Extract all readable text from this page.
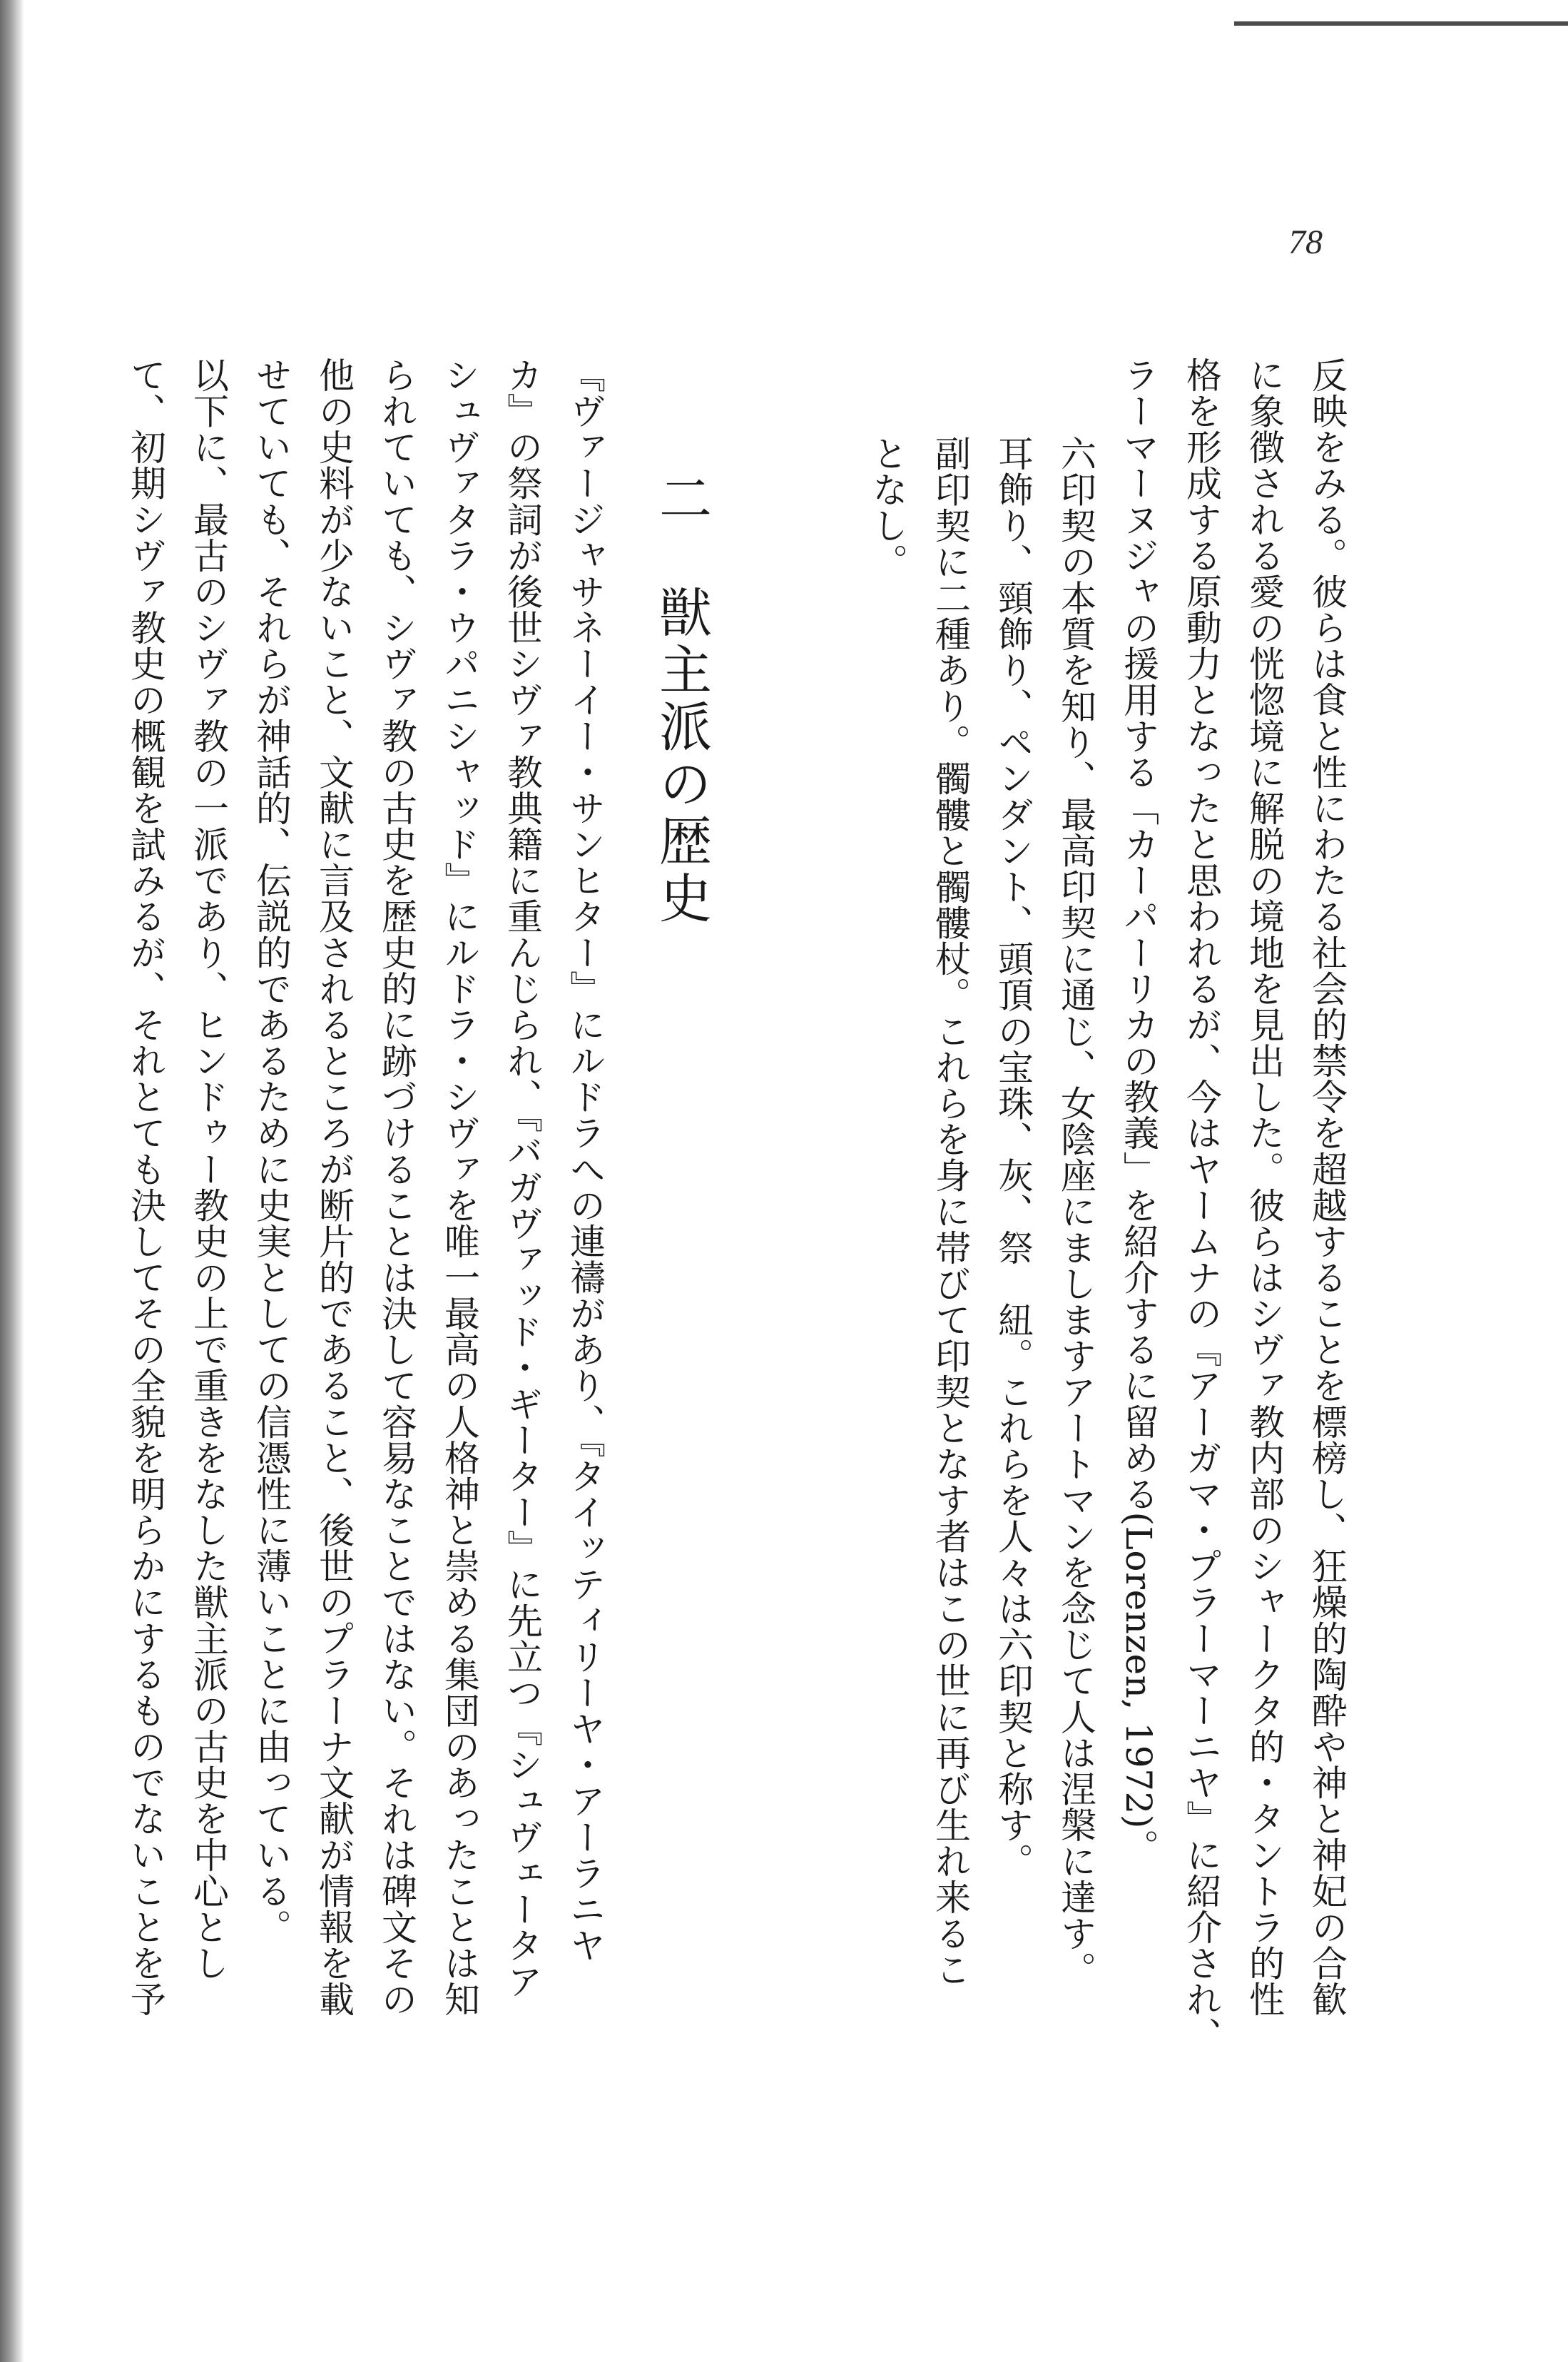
78
反映をみる。彼らは食と性にわたる社会的禁令を超越することを標榜し、狂燥的陶酔や神と神妃の合歓
に象徴される愛の恍惚境に解脱の境地を見出した。彼らはシヴァ教内部のシャークタ的・タントラ的性
格を形成する原動力となったと思われるが、今はヤームナの『アーガマ・プラーマーニヤ』に紹介され、
ラーマーヌジャの援用する「カーパーリカの教義」を紹介するに留める(Lorenzen, 1972)。
六印契の本質を知り、最高印契に通じ、女陰座にましますアートマンを念じて人は涅槃に達す。
耳飾り、頸飾り、ペンダント、頭頂の宝珠、灰、祭　紐。これらを人々は六印契と称す。
副印契に二種あり。髑髏と髑髏杖。これらを身に帯びて印契となす者はこの世に再び生れ来るこ
となし。
二　獣主派の歴史
『ヴァージャサネーイー・サンヒター』にルドラへの連禱があり、『タイッティリーヤ・アーラニヤ
カ』の祭詞が後世シヴァ教典籍に重んじられ、『バガヴァッド・ギーター』に先立つ『シュヴェータア
シュヴァタラ・ウパニシャッド』にルドラ・シヴァを唯一最高の人格神と崇める集団のあったことは知
られていても、シヴァ教の古史を歴史的に跡づけることは決して容易なことではない。それは碑文その
他の史料が少ないこと、文献に言及されるところが断片的であること、後世のプラーナ文献が情報を載
せていても、それらが神話的、伝説的であるために史実としての信憑性に薄いことに由っている。
以下に、最古のシヴァ教の一派であり、ヒンドゥー教史の上で重きをなした獣主派の古史を中心とし
て、初期シヴァ教史の概観を試みるが、それとても決してその全貌を明らかにするものでないことを予
